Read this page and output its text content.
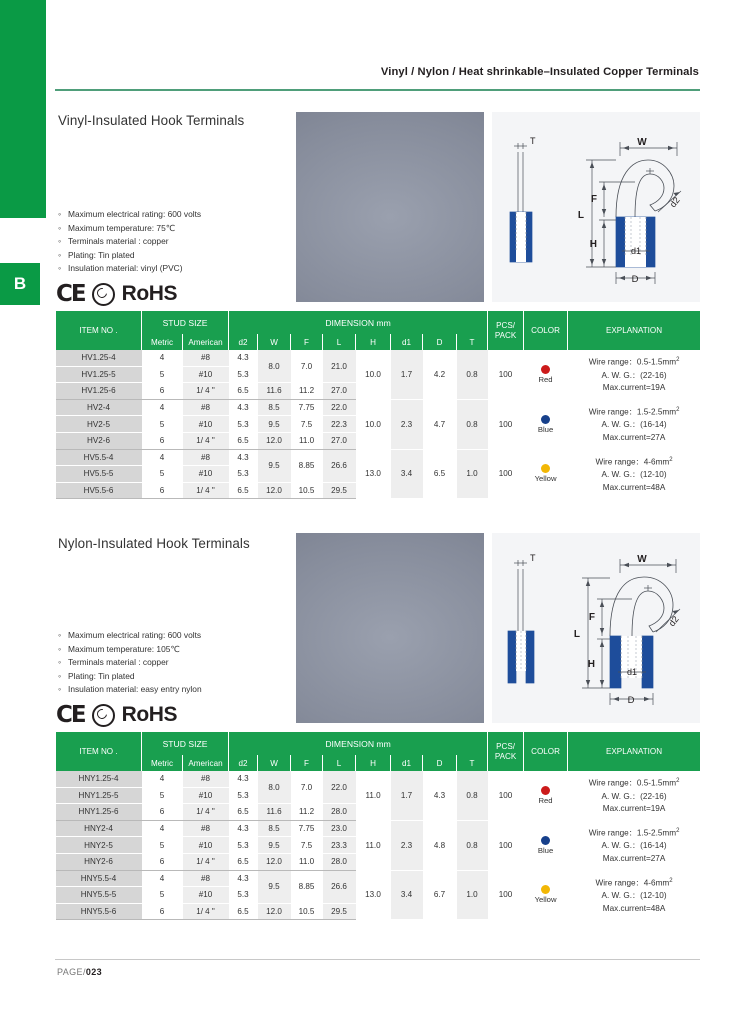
B
Vinyl / Nylon / Heat shrinkable–Insulated Copper Terminals
Vinyl-Insulated Hook Terminals
◦ Maximum electrical rating: 600 volts
◦ Maximum temperature: 75℃
◦ Terminals material : copper
◦ Plating: Tin plated
◦ Insulation material: vinyl (PVC)
CE RoHS
T	W
L
F
H
D
d1
d2
ITEM NO .	STUD SIZE		DIMENSION mm								PCS/
PACK	COLOR	EXPLANATION
	Metric	American	d2	W	F	L	H	d1	D	T			
HV1.25-4	4	#8	4.3	8.0	7.0	21.0	10.0	1.7	4.2	0.8	100	Red	Wire range：$0.5-1.5mm^2$
A. W. G.：(22-16)
Max.current=19A

HV1.25-5	5	#10	5.3										
HV1.25-6	6	1/ 4 "	6.5	11.6	11.2	27.0							
HV2-4	4	#8	4.3	8.5	7.75	22.0	10.0	2.3	4.7	0.8	100	Blue	Wire range：$1.5-2.5mm^2$
A. W. G.：(16-14)
Max.current=27A

HV2-5	5	#10	5.3	9.5	7.5	22.3							
HV2-6	6	1/ 4 "	6.5	12.0	11.0	27.0							
HV5.5-4	4	#8	4.3	9.5	8.85	26.6	13.0	3.4	6.5	1.0	100	Yellow	Wire range：$4-6mm^2$
A. W. G.：(12-10)
Max.current=48A

HV5.5-5	5	#10	5.3										
HV5.5-6	6	1/ 4 "	6.5	12.0	10.5	29.5							
Nylon-Insulated Hook Terminals
◦ Maximum electrical rating: 600 volts
◦ Maximum temperature: 105℃
◦ Terminals material : copper
◦ Plating: Tin plated
◦ Insulation material: easy entry nylon
CE RoHS
T	W
L
F
H
D
d1
d2
ITEM NO .	STUD SIZE		DIMENSION mm								PCS/
PACK	COLOR	EXPLANATION
	Metric	American	d2	W	F	L	H	d1	D	T			
HNY1.25-4	4	#8	4.3	8.0	7.0	22.0	11.0	1.7	4.3	0.8	100	Red	Wire range：$0.5-1.5mm^2$
A. W. G.：(22-16)
Max.current=19A

HNY1.25-5	5	#10	5.3										
HNY1.25-6	6	1/ 4 "	6.5	11.6	11.2	28.0							
HNY2-4	4	#8	4.3	8.5	7.75	23.0	11.0	2.3	4.8	0.8	100	Blue	Wire range：$1.5-2.5mm^2$
A. W. G.：(16-14)
Max.current=27A

HNY2-5	5	#10	5.3	9.5	7.5	23.3							
HNY2-6	6	1/ 4 "	6.5	12.0	11.0	28.0							
HNY5.5-4	4	#8	4.3	9.5	8.85	26.6	13.0	3.4	6.7	1.0	100	Yellow	Wire range：$4-6mm^2$
A. W. G.：(12-10)
Max.current=48A

HNY5.5-5	5	#10	5.3										
HNY5.5-6	6	1/ 4 "	6.5	12.0	10.5	29.5							
PAGE/023
